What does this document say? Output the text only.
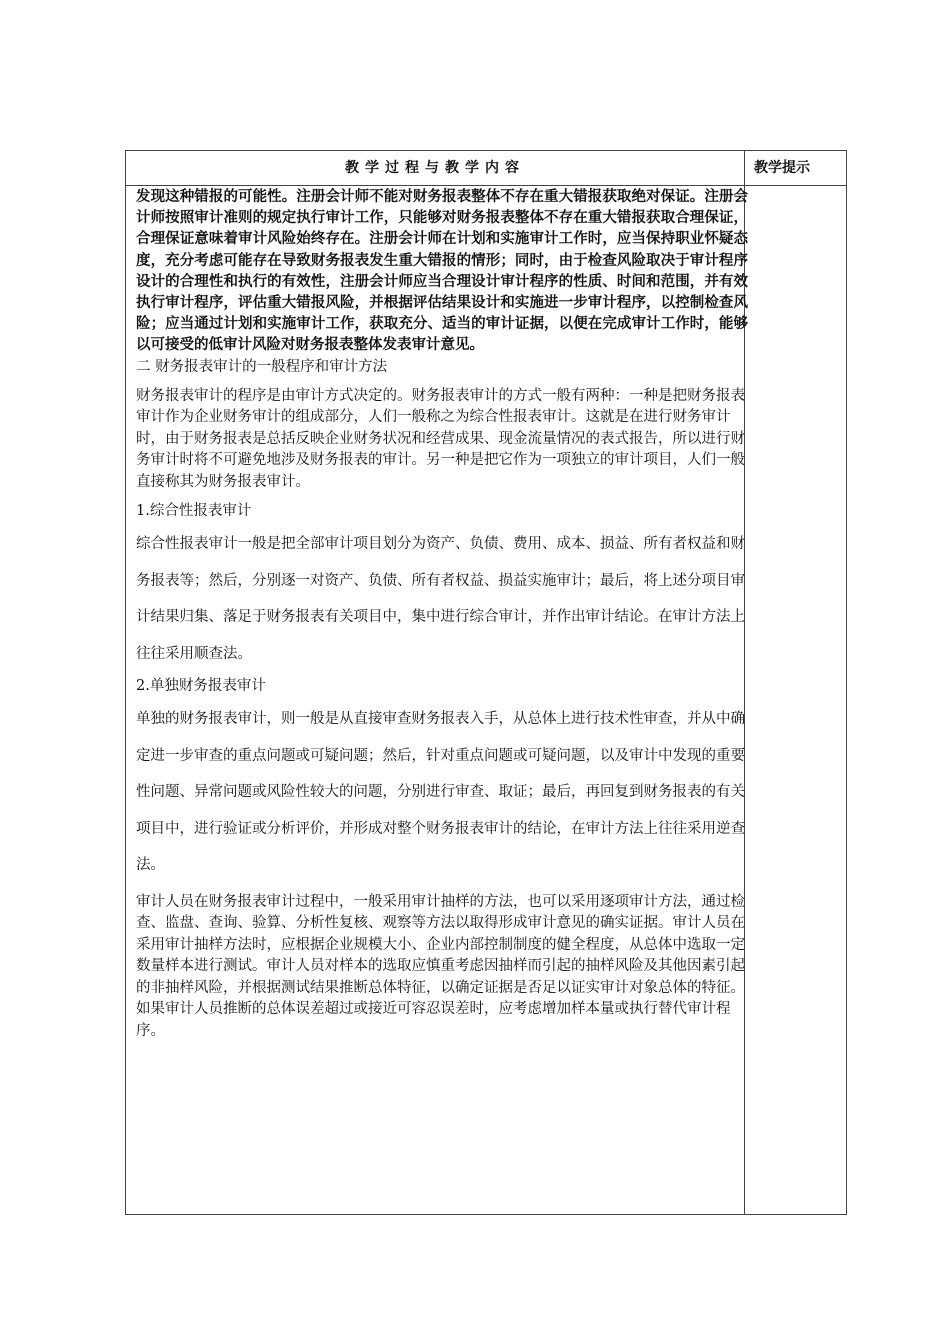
教学过程与教学内容	教学提示

发现这种错报的可能性。注册会计师不能对财务报表整体不存在重大错报获取绝对保证。注册会计师按照审计准则的规定执行审计工作，只能够对财务报表整体不存在重大错报获取合理保证，合理保证意味着审计风险始终存在。注册会计师在计划和实施审计工作时，应当保持职业怀疑态度，充分考虑可能存在导致财务报表发生重大错报的情形；同时，由于检查风险取决于审计程序设计的合理性和执行的有效性，注册会计师应当合理设计审计程序的性质、时间和范围，并有效执行审计程序，评估重大错报风险，并根据评估结果设计和实施进一步审计程序，以控制检查风险；应当通过计划和实施审计工作，获取充分、适当的审计证据，以便在完成审计工作时，能够以可接受的低审计风险对财务报表整体发表审计意见。

二 财务报表审计的一般程序和审计方法

财务报表审计的程序是由审计方式决定的。财务报表审计的方式一般有两种：一种是把财务报表审计作为企业财务审计的组成部分，人们一般称之为综合性报表审计。这就是在进行财务审计时，由于财务报表是总括反映企业财务状况和经营成果、现金流量情况的表式报告，所以进行财务审计时将不可避免地涉及财务报表的审计。另一种是把它作为一项独立的审计项目，人们一般直接称其为财务报表审计。

1.综合性报表审计

综合性报表审计一般是把全部审计项目划分为资产、负债、费用、成本、损益、所有者权益和财务报表等；然后，分别逐一对资产、负债、所有者权益、损益实施审计；最后，将上述分项目审计结果归集、落足于财务报表有关项目中，集中进行综合审计，并作出审计结论。在审计方法上往往采用顺查法。

2.单独财务报表审计

单独的财务报表审计，则一般是从直接审查财务报表入手，从总体上进行技术性审查，并从中确定进一步审查的重点问题或可疑问题；然后，针对重点问题或可疑问题，以及审计中发现的重要性问题、异常问题或风险性较大的问题，分别进行审查、取证；最后，再回复到财务报表的有关项目中，进行验证或分析评价，并形成对整个财务报表审计的结论，在审计方法上往往采用逆查法。

审计人员在财务报表审计过程中，一般采用审计抽样的方法，也可以采用逐项审计方法，通过检查、监盘、查询、验算、分析性复核、观察等方法以取得形成审计意见的确实证据。审计人员在采用审计抽样方法时，应根据企业规模大小、企业内部控制制度的健全程度，从总体中选取一定数量样本进行测试。审计人员对样本的选取应慎重考虑因抽样而引起的抽样风险及其他因素引起的非抽样风险，并根据测试结果推断总体特征，以确定证据是否足以证实审计对象总体的特征。如果审计人员推断的总体误差超过或接近可容忍误差时，应考虑增加样本量或执行替代审计程序。
